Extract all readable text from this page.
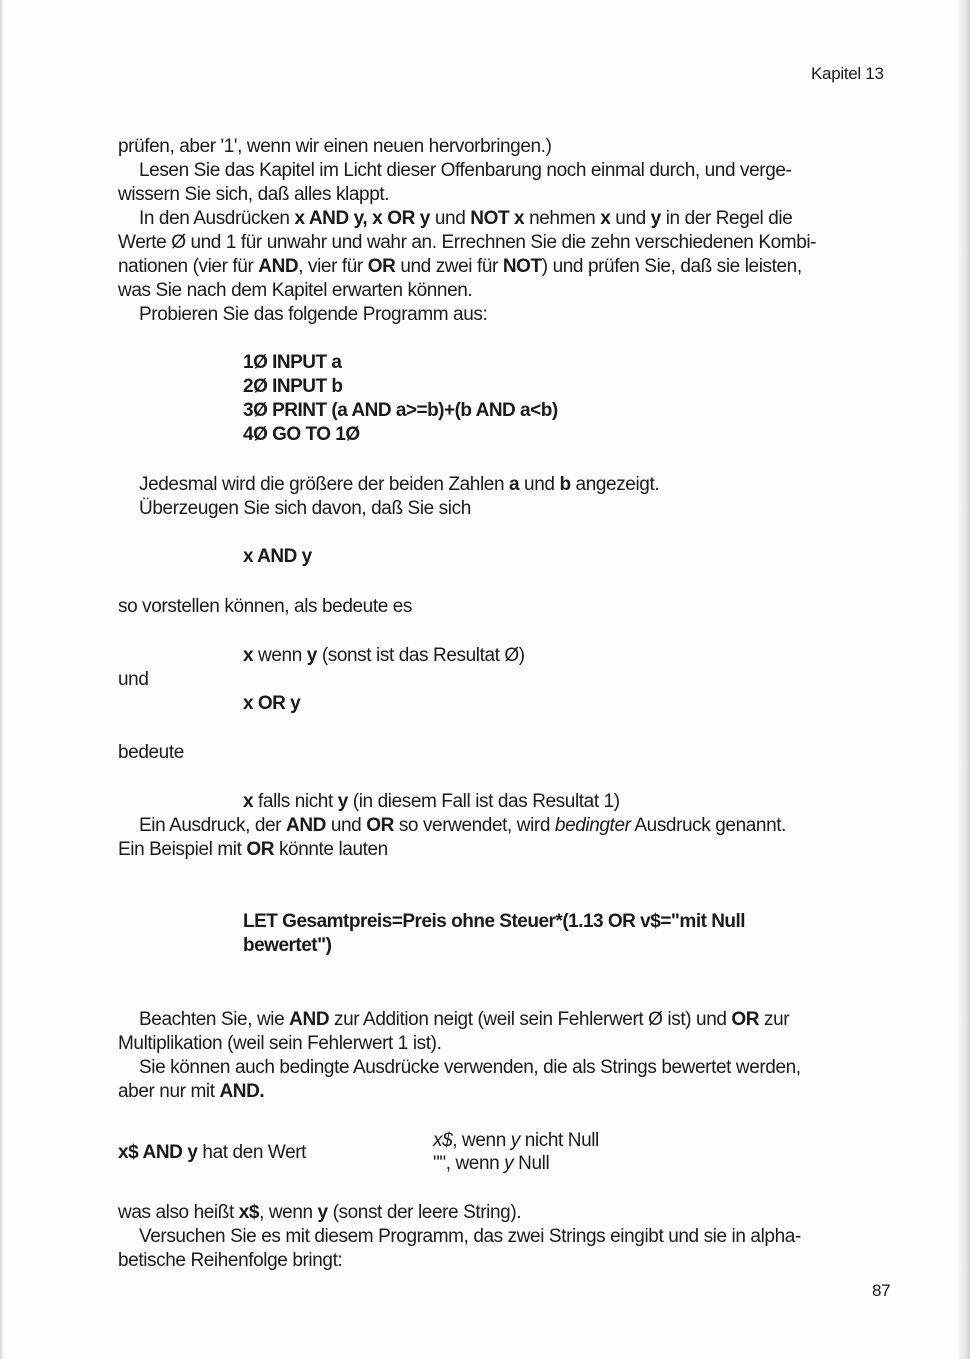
Kapitel 13
prüfen, aber '1', wenn wir einen neuen hervorbringen.)
Lesen Sie das Kapitel im Licht dieser Offenbarung noch einmal durch, und verge-
wissern Sie sich, daß alles klappt.
In den Ausdrücken x AND y, x OR y und NOT x nehmen x und y in der Regel die
Werte Ø und 1 für unwahr und wahr an. Errechnen Sie die zehn verschiedenen Kombi-
nationen (vier für AND, vier für OR und zwei für NOT) und prüfen Sie, daß sie leisten,
was Sie nach dem Kapitel erwarten können.
Probieren Sie das folgende Programm aus:
1Ø INPUT a
2Ø INPUT b
3Ø PRINT (a AND a>=b)+(b AND a<b)
4Ø GO TO 1Ø
Jedesmal wird die größere der beiden Zahlen a und b angezeigt.
Überzeugen Sie sich davon, daß Sie sich
x AND y
so vorstellen können, als bedeute es
x wenn y (sonst ist das Resultat Ø)
und
x OR y
bedeute
x falls nicht y (in diesem Fall ist das Resultat 1)
Ein Ausdruck, der AND und OR so verwendet, wird bedingter Ausdruck genannt.
Ein Beispiel mit OR könnte lauten
LET Gesamtpreis=Preis ohne Steuer*(1.13 OR v$="mit Null
bewertet")
Beachten Sie, wie AND zur Addition neigt (weil sein Fehlerwert Ø ist) und OR zur
Multiplikation (weil sein Fehlerwert 1 ist).
Sie können auch bedingte Ausdrücke verwenden, die als Strings bewertet werden,
aber nur mit AND.
x$ AND y hat den Wert
x$, wenn y nicht Null
"", wenn y Null
was also heißt x$, wenn y (sonst der leere String).
Versuchen Sie es mit diesem Programm, das zwei Strings eingibt und sie in alpha-
betische Reihenfolge bringt:
87
